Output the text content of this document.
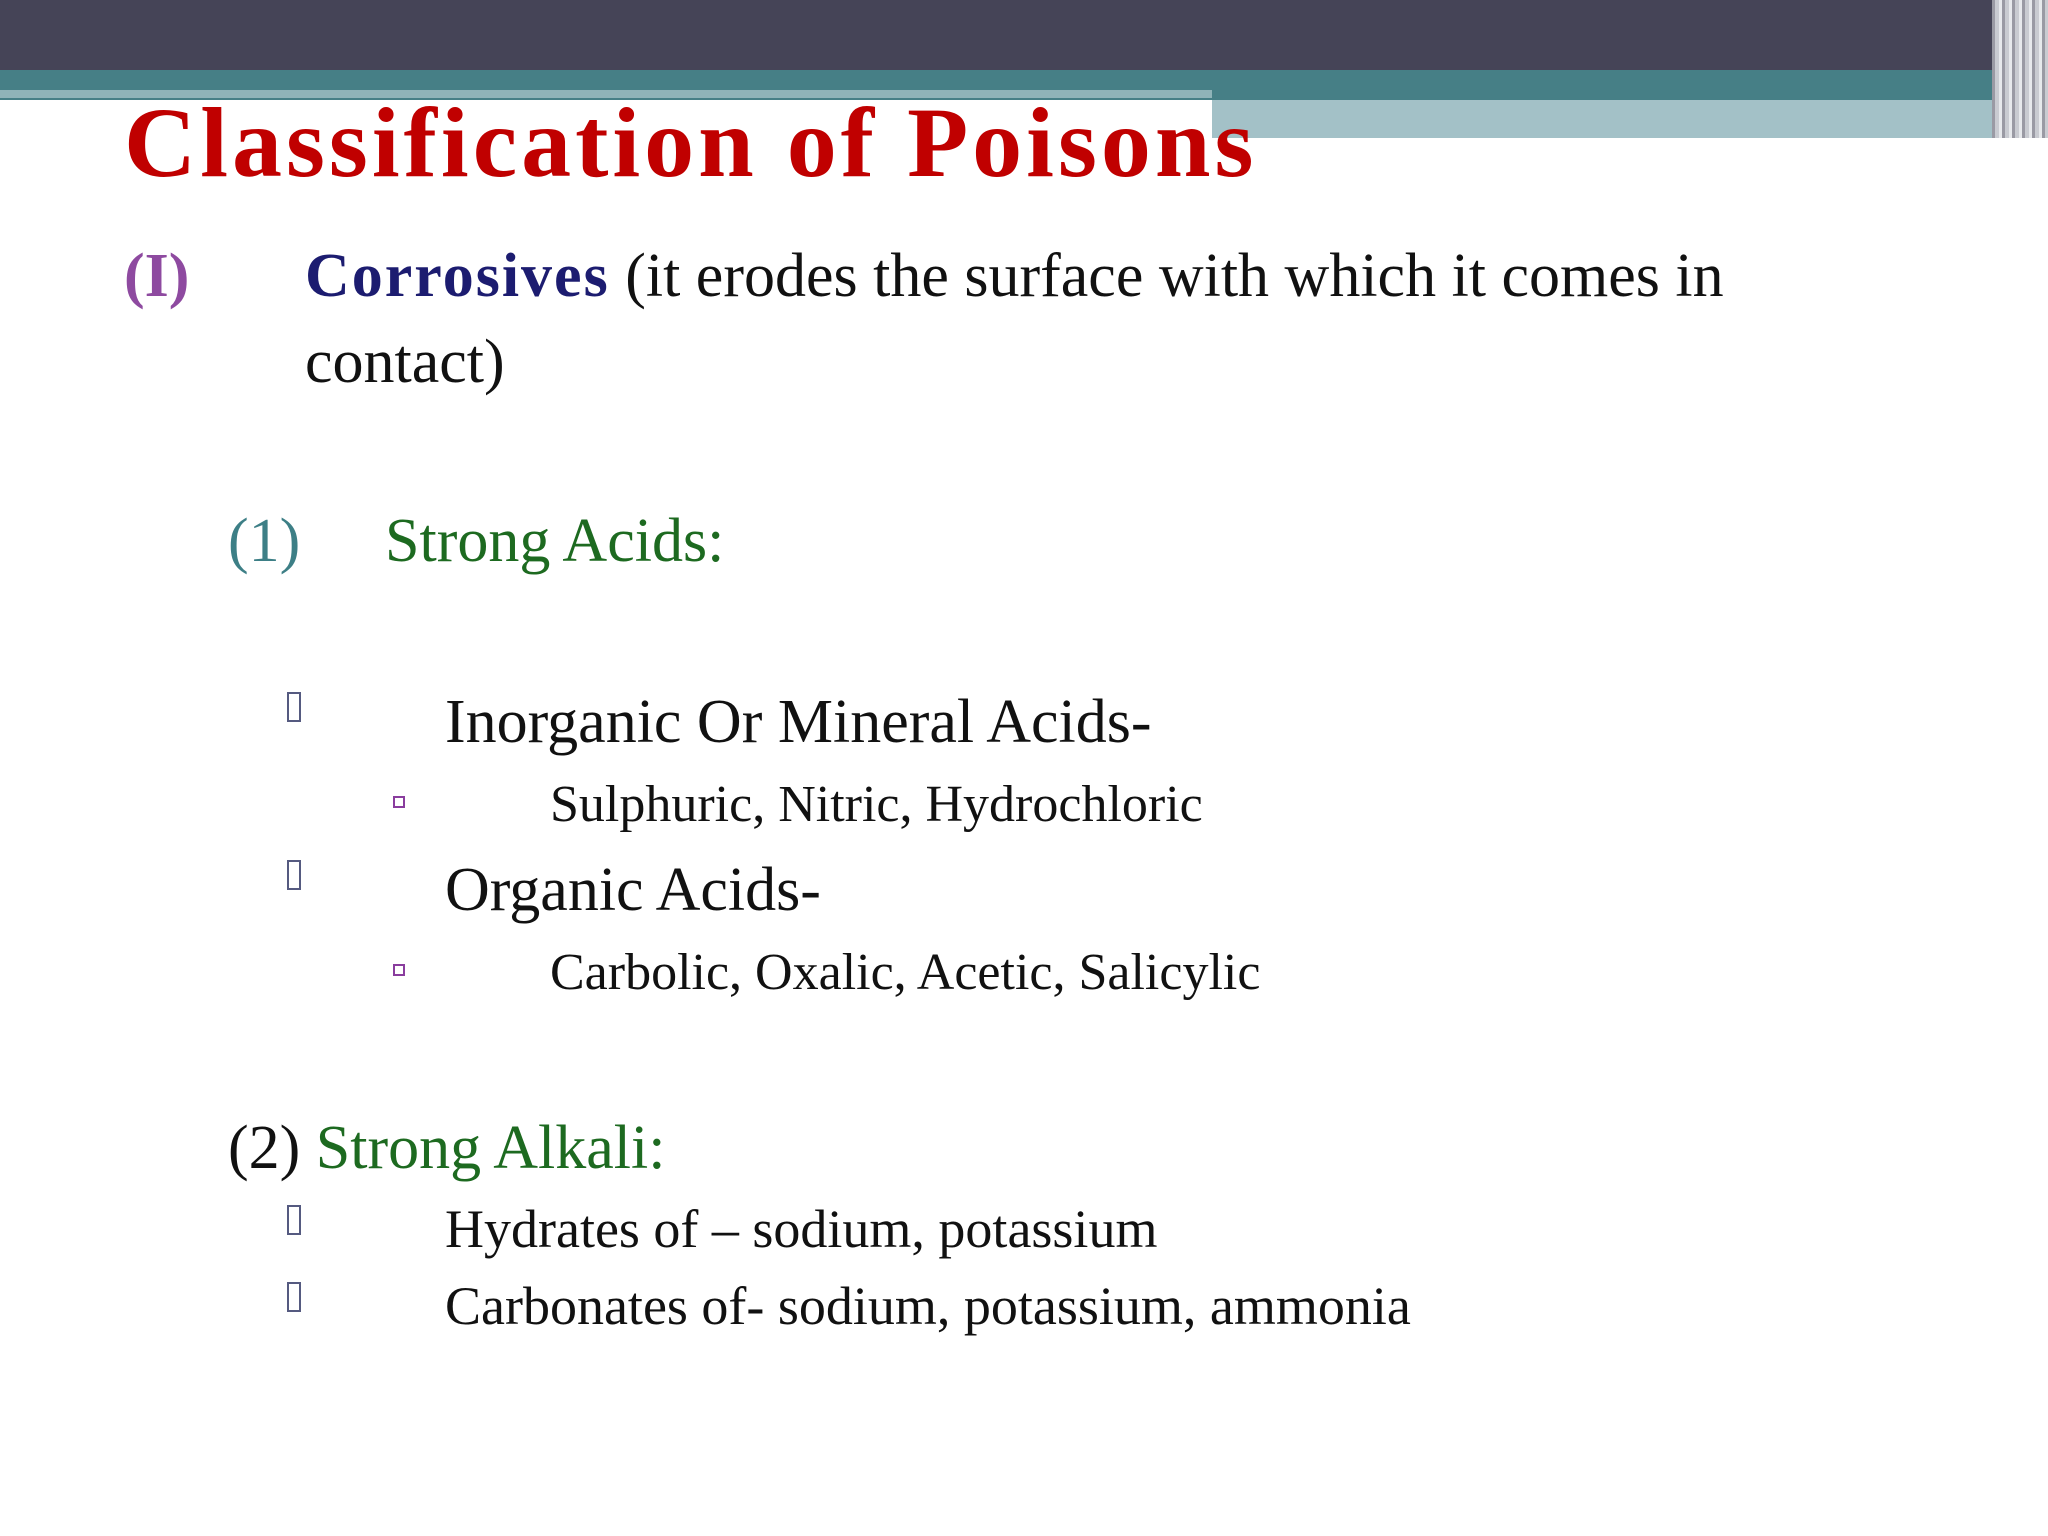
Classification of Poisons

(I) Corrosives (it erodes the surface with which it comes in

contact)

(1) Strong Acids:

Inorganic Or Mineral Acids-

Sulphuric, Nitric, Hydrochloric

Organic Acids-

Carbolic, Oxalic, Acetic, Salicylic

(2) Strong Alkali:

Hydrates of – sodium, potassium

Carbonates of- sodium, potassium, ammonia
